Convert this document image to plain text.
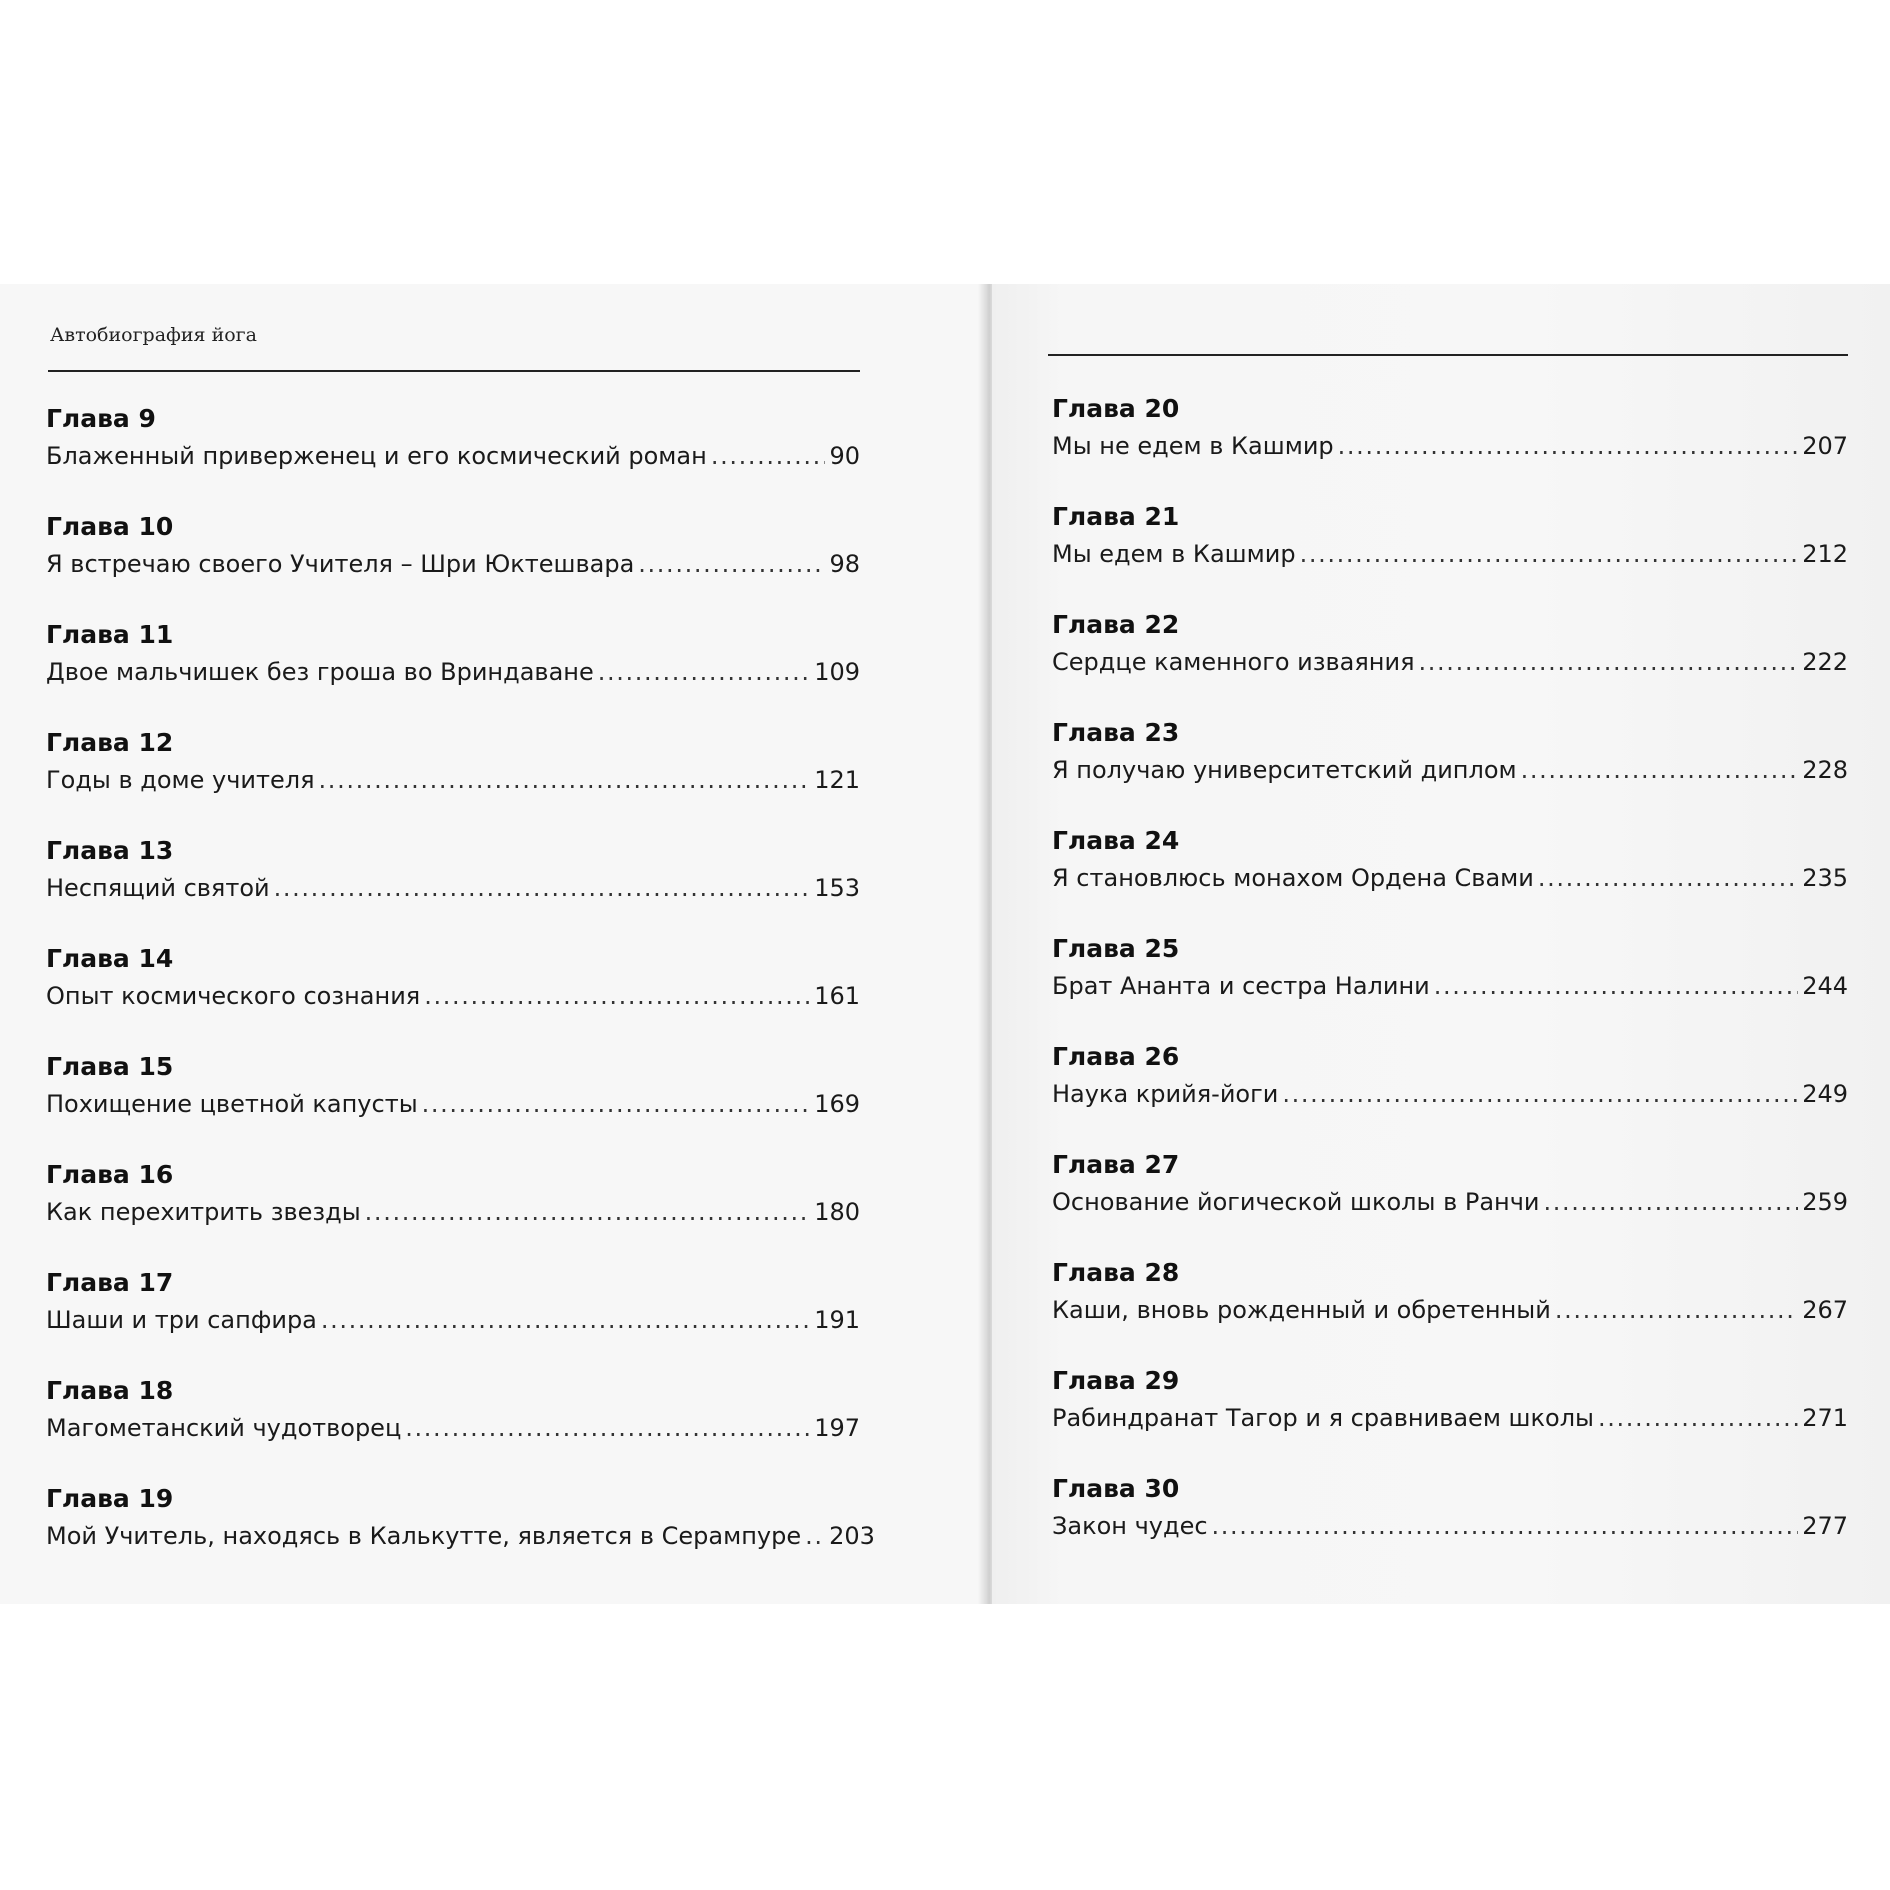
Автобиография йога
Глава 9
Блаженный приверженец и его космический роман . . .	90
Глава 10
Я встречаю своего Учителя – Шри Юктешвара . . .	98
Глава 11
Двое мальчишек без гроша во Вриндаване . . .	109
Глава 12
Годы в доме учителя . . .	121
Глава 13
Неспящий святой . . .	153
Глава 14
Опыт космического сознания . . .	161
Глава 15
Похищение цветной капусты . . .	169
Глава 16
Как перехитрить звезды . . .	180
Глава 17
Шаши и три сапфира . . .	191
Глава 18
Магометанский чудотворец . . .	197
Глава 19
Мой Учитель, находясь в Калькутте, является в Серампуре . . . 203
Глава 20
Мы не едем в Кашмир . . .	207
Глава 21
Мы едем в Кашмир . . .	212
Глава 22
Сердце каменного изваяния . . .	222
Глава 23
Я получаю университетский диплом . . .	228
Глава 24
Я становлюсь монахом Ордена Свами . . .	235
Глава 25
Брат Ананта и сестра Налини . . .	244
Глава 26
Наука крийя-йоги . . .	249
Глава 27
Основание йогической школы в Ранчи . . .	259
Глава 28
Каши, вновь рожденный и обретенный . . .	267
Глава 29
Рабиндранат Тагор и я сравниваем школы . . .	271
Глава 30
Закон чудес . . .	277
